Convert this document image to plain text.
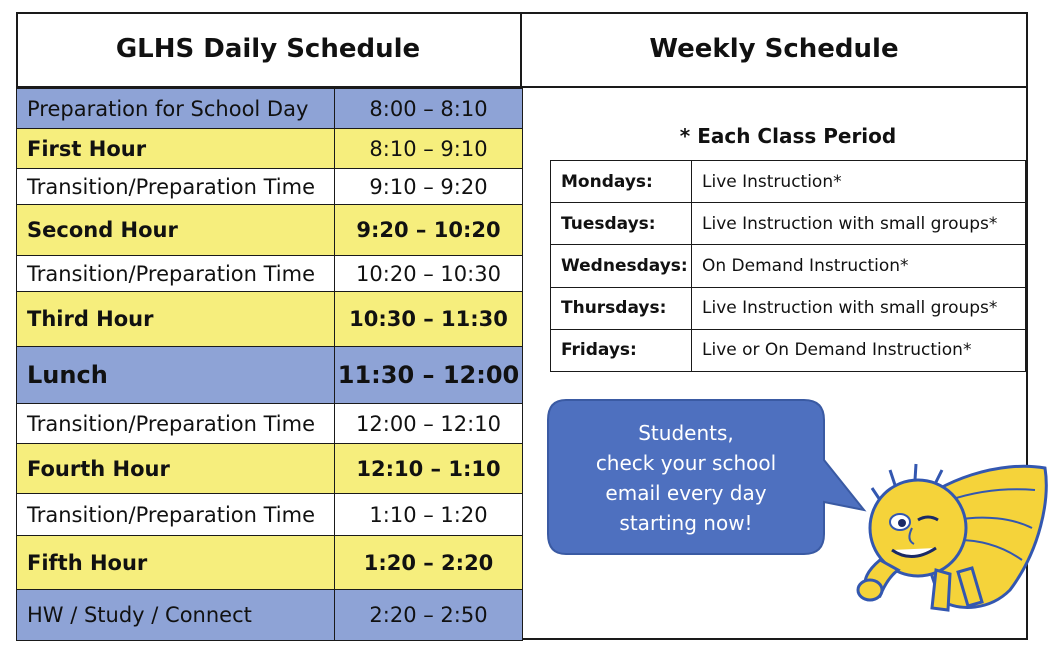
GLHS Daily Schedule	Weekly Schedule
Preparation for School Day	8:00 – 8:10
First Hour	8:10 – 9:10
Transition/Preparation Time	9:10 – 9:20
Second Hour	9:20 – 10:20
Transition/Preparation Time	10:20 – 10:30
Third Hour	10:30 – 11:30
Lunch	11:30 – 12:00
Transition/Preparation Time	12:00 – 12:10
Fourth Hour	12:10 – 1:10
Transition/Preparation Time	1:10 – 1:20
Fifth Hour	1:20 – 2:20
HW / Study / Connect	2:20 – 2:50
* Each Class Period
Mondays:	Live Instruction*
Tuesdays:	Live Instruction with small groups*
Wednesdays:	On Demand Instruction*
Thursdays:	Live Instruction with small groups*
Fridays:	Live or On Demand Instruction*
Students,
check your school
email every day
starting now!
